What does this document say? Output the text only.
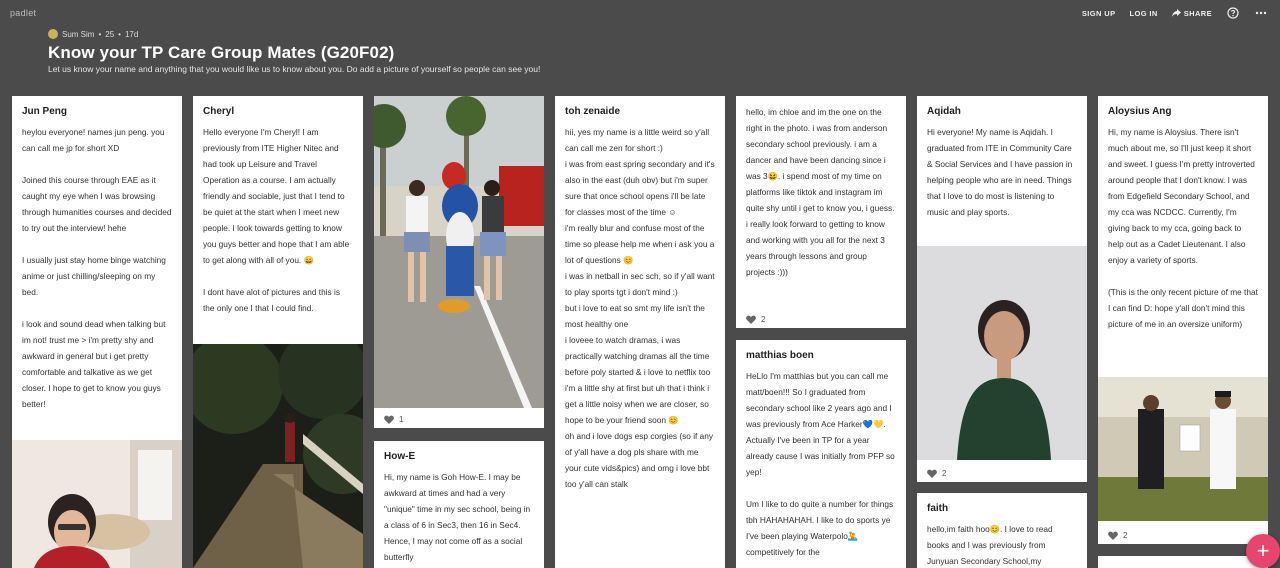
padlet	SIGN UP LOG IN	SHARE
Sum Sim • 25 • 17d
Know your TP Care Group Mates (G20F02)
Let us know your name and anything that you would like us to know about you. Do add a picture of yourself so people can see you!
Jun Peng
heylou everyone! names jun peng. you can call me jp for short XD

Joined this course through EAE as it caught my eye when I was browsing through humanities courses and decided to try out the interview! hehe

I usually just stay home binge watching anime or just chilling/sleeping on my bed.

i look and sound dead when talking but im not! trust me > i'm pretty shy and awkward in general but i get pretty comfortable and talkative as we get closer. I hope to get to know you guys better!
Cheryl
Hello everyone I'm Cheryl! I am previously from ITE Higher Nitec and had took up Leisure and Travel Operation as a course. I am actually friendly and sociable, just that I tend to be quiet at the start when I meet new people. I look towards getting to know you guys better and hope that I am able to get along with all of you. 😄

I dont have alot of pictures and this is the only one I that I could find.
1
How-E
Hi, my name is Goh How-E. I may be awkward at times and had a very "unique" time in my sec school, being in a class of 6 in Sec3, then 16 in Sec4. Hence, I may not come off as a social butterfly
toh zenaide
hii, yes my name is a little weird so y'all can call me zen for short :)
i was from east spring secondary and it's also in the east (duh obv) but i'm super sure that once school opens i'll be late for classes most of the time ☺
i'm really blur and confuse most of the time so please help me when i ask you a lot of questions 😊
i was in netball in sec sch, so if y'all want to play sports tgt i don't mind :)
but i love to eat so smt my life isn't the most healthy one
i loveee to watch dramas, i was practically watching dramas all the time before poly started & i love to netflix too
i'm a little shy at first but uh that i think i get a little noisy when we are closer, so hope to be your friend soon 😊
oh and i love dogs esp corgies (so if any of y'all have a dog pls share with me your cute vids&pics) and omg i love bbt too y'all can stalk
hello, im chloe and im the one on the right in the photo. i was from anderson secondary school previously. i am a dancer and have been dancing since i was 3😆. i spend most of my time on platforms like tiktok and instagram im quite shy until i get to know you, i guess. i really look forward to getting to know and working with you all for the next 3 years through lessons and group projects :)))
2
matthias boen
HeLlo I'm matthias but you can call me matt/boen!!! So I graduated from secondary school like 2 years ago and I was previously from Ace Harker💙💛. Actually I've been in TP for a year already cause I was initially from PFP so yep!

Um I like to do quite a number for things tbh HAHAHAHAH. I like to do sports ye I've been playing Waterpolo🤽 competitively for the
Aqidah
Hi everyone! My name is Aqidah. I graduated from ITE in Community Care & Social Services and I have passion in helping people who are in need. Things that I love to do most is listening to music and play sports.
2
faith
hello,im faith hoo😊. I love to read books and I was previously from Junyuan Secondary School,my
Aloysius Ang
Hi, my name is Aloysius. There isn't much about me, so I'll just keep it short and sweet. I guess I'm pretty introverted around people that I don't know. I was from Edgefield Secondary School, and my cca was NCDCC. Currently, I'm giving back to my cca, going back to help out as a Cadet Lieutenant. I also enjoy a variety of sports.

(This is the only recent picture of me that I can find D: hope y'all don't mind this picture of me in an oversize uniform)
2
+
